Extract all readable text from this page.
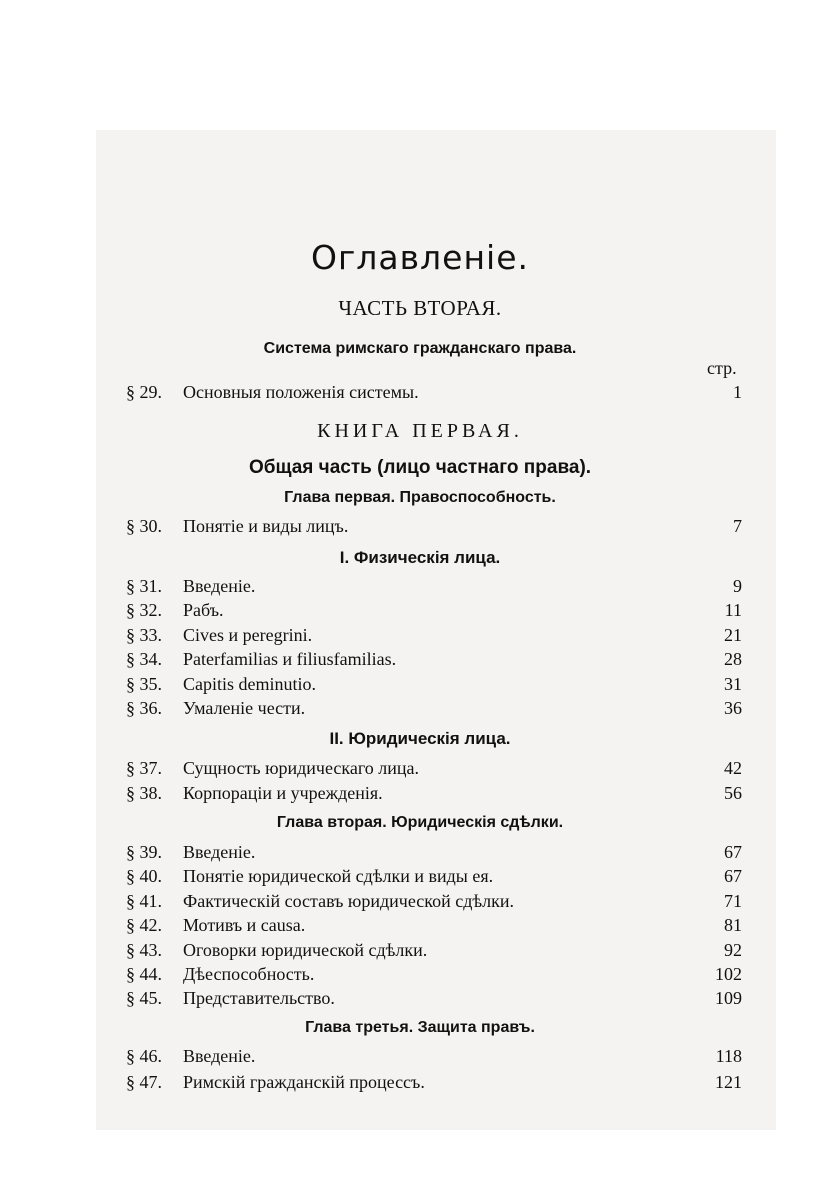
Оглавленіе.
ЧАСТЬ ВТОРАЯ.
Система римскаго гражданскаго права.
стр.
§ 29. Основныя положенія системы.	1
КНИГА ПЕРВАЯ.
Общая часть (лицо частнаго права).
Глава первая. Правоспособность.
§ 30. Понятіе и виды лицъ.	7
I. Физическія лица.
§ 31. Введеніе.	9
§ 32. Рабъ.	11
§ 33. Cives и peregrini.	21
§ 34. Paterfamilias и filiusfamilias.	28
§ 35. Capitis deminutio.	31
§ 36. Умаленіе чести.	36
II. Юридическія лица.
§ 37. Сущность юридическаго лица.	42
§ 38. Корпораціи и учрежденія.	56
Глава вторая. Юридическія сдѣлки.
§ 39. Введеніе.	67
§ 40. Понятіе юридической сдѣлки и виды ея.	67
§ 41. Фактическій составъ юридической сдѣлки.	71
§ 42. Мотивъ и causa.	81
§ 43. Оговорки юридической сдѣлки.	92
§ 44. Дѣеспособность.	102
§ 45. Представительство.	109
Глава третья. Защита правъ.
§ 46. Введеніе.	118
§ 47. Римскій гражданскій процессъ.	121
